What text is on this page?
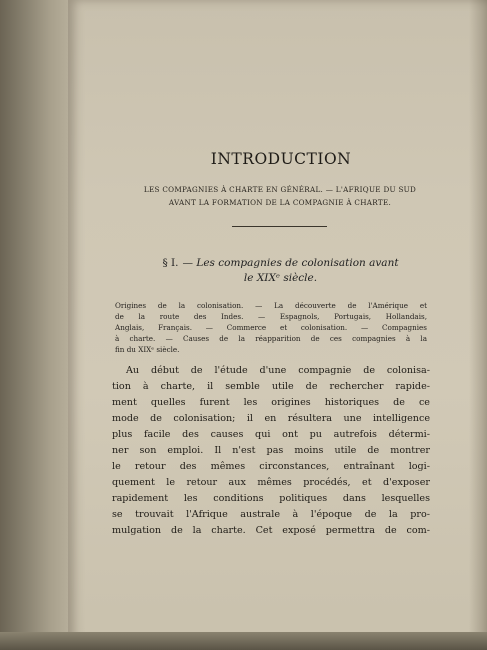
INTRODUCTION
LES COMPAGNIES À CHARTE EN GÉNÉRAL. — L'AFRIQUE DU SUD
AVANT LA FORMATION DE LA COMPAGNIE À CHARTE.
§ I. — Les compagnies de colonisation avant
le XIXᵉ siècle.
Origines de la colonisation. — La découverte de l'Amérique et
de la route des Indes. — Espagnols, Portugais, Hollandais,
Anglais, Français. — Commerce et colonisation. — Compagnies
à charte. — Causes de la réapparition de ces compagnies à la
fin du XIXᵉ siècle.
Au début de l'étude d'une compagnie de colonisa-
tion à charte, il semble utile de rechercher rapide-
ment quelles furent les origines historiques de ce
mode de colonisation; il en résultera une intelligence
plus facile des causes qui ont pu autrefois détermi-
ner son emploi. Il n'est pas moins utile de montrer
le retour des mêmes circonstances, entraînant logi-
quement le retour aux mêmes procédés, et d'exposer
rapidement les conditions politiques dans lesquelles
se trouvait l'Afrique australe à l'époque de la pro-
mulgation de la charte. Cet exposé permettra de com-
